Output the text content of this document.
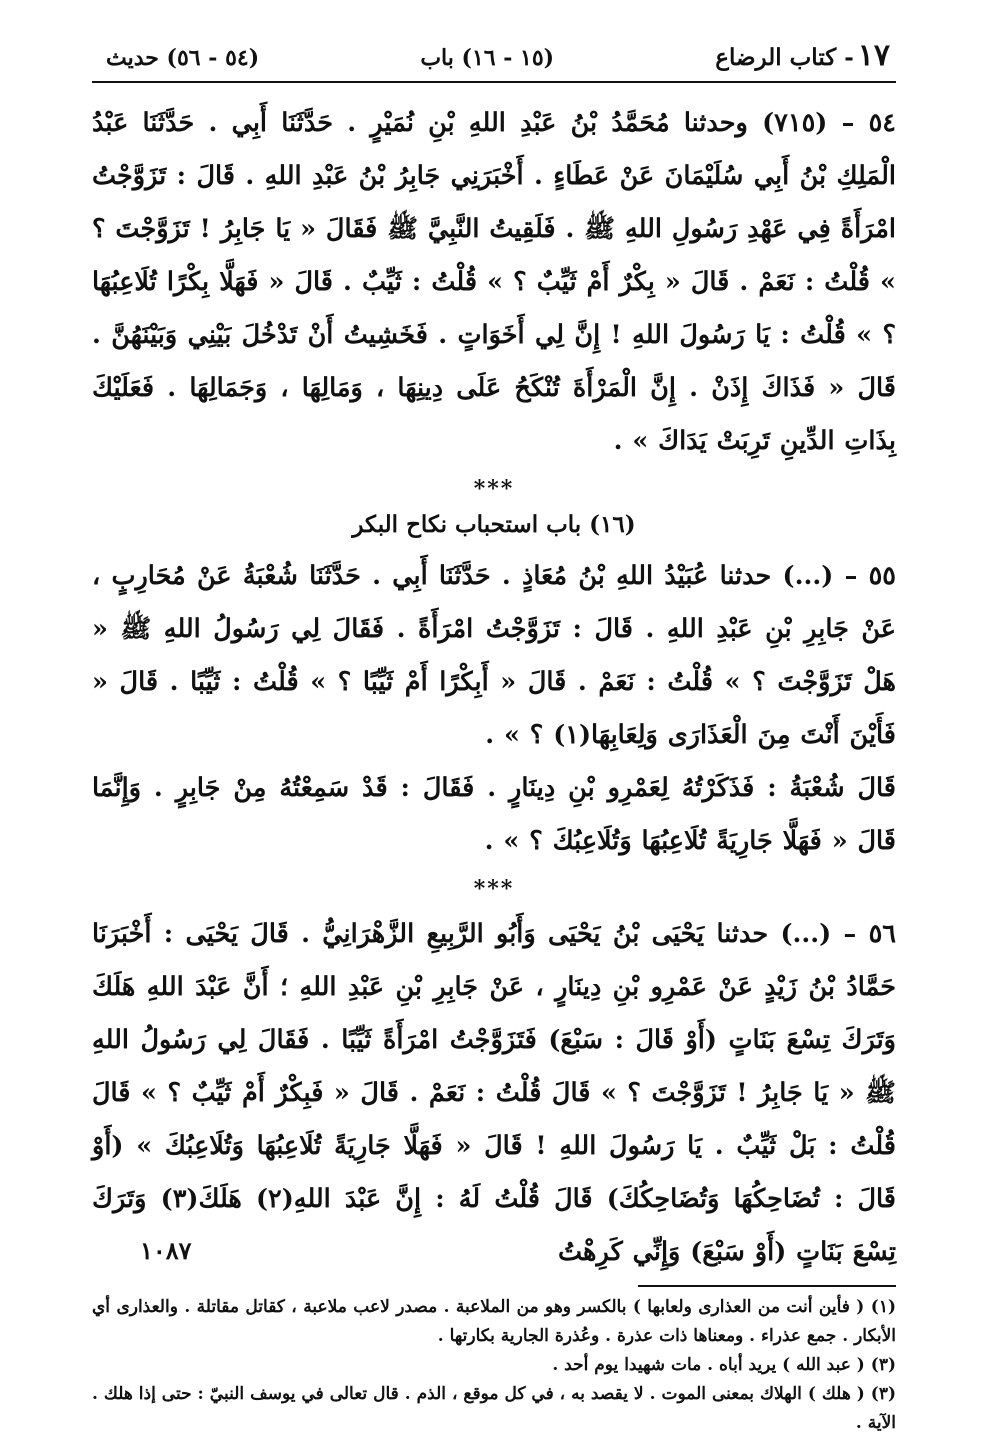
١٧- كتاب الرضاع
(١٥ - ١٦) باب
(٥٤ - ٥٦) حديث

٥٤ – (٧١٥) وحدثنا مُحَمَّدُ بْنُ عَبْدِ اللهِ بْنِ نُمَيْرٍ . حَدَّثَنَا أَبِي . حَدَّثَنَا عَبْدُ الْمَلِكِ بْنُ أَبِي سُلَيْمَانَ عَنْ عَطَاءٍ . أَخْبَرَنِي جَابِرُ بْنُ عَبْدِ اللهِ . قَالَ : تَزَوَّجْتُ امْرَأَةً فِي عَهْدِ رَسُولِ اللهِ ﷺ . فَلَقِيتُ النَّبِيَّ ﷺ فَقَالَ « يَا جَابِرُ ! تَزَوَّجْتَ ؟ » قُلْتُ : نَعَمْ . قَالَ « بِكْرٌ أَمْ ثَيِّبٌ ؟ » قُلْتُ : ثَيِّبٌ . قَالَ « فَهَلَّا بِكْرًا تُلَاعِبُهَا ؟ » قُلْتُ : يَا رَسُولَ اللهِ ! إِنَّ لِي أَخَوَاتٍ . فَخَشِيتُ أَنْ تَدْخُلَ بَيْنِي وَبَيْنَهُنَّ . قَالَ « فَذَاكَ إِذَنْ . إِنَّ الْمَرْأَةَ تُنْكَحُ عَلَى دِينِهَا ، وَمَالِهَا ، وَجَمَالِهَا . فَعَلَيْكَ بِذَاتِ الدِّينِ تَرِبَتْ يَدَاكَ » .

***
(١٦) باب استحباب نكاح البكر

٥٥ – (...) حدثنا عُبَيْدُ اللهِ بْنُ مُعَاذٍ . حَدَّثَنَا أَبِي . حَدَّثَنَا شُعْبَةُ عَنْ مُحَارِبٍ ، عَنْ جَابِرِ بْنِ عَبْدِ اللهِ . قَالَ : تَزَوَّجْتُ امْرَأَةً . فَقَالَ لِي رَسُولُ اللهِ ﷺ « هَلْ تَزَوَّجْتَ ؟ » قُلْتُ : نَعَمْ . قَالَ « أَبِكْرًا أَمْ ثَيِّبًا ؟ » قُلْتُ : ثَيِّبًا . قَالَ « فَأَيْنَ أَنْتَ مِنَ الْعَذَارَى وَلِعَابِهَا(١) ؟ » .

قَالَ شُعْبَةُ : فَذَكَرْتُهُ لِعَمْرِو بْنِ دِينَارٍ . فَقَالَ : قَدْ سَمِعْتُهُ مِنْ جَابِرٍ . وَإِنَّمَا قَالَ « فَهَلَّا جَارِيَةً تُلَاعِبُهَا وَتُلَاعِبُكَ ؟ » .

***

٥٦ – (...) حدثنا يَحْيَى بْنُ يَحْيَى وَأَبُو الرَّبِيعِ الزَّهْرَانِيُّ . قَالَ يَحْيَى : أَخْبَرَنَا حَمَّادُ بْنُ زَيْدٍ عَنْ عَمْرِو بْنِ دِينَارٍ ، عَنْ جَابِرِ بْنِ عَبْدِ اللهِ ؛ أَنَّ عَبْدَ اللهِ هَلَكَ وَتَرَكَ تِسْعَ بَنَاتٍ (أَوْ قَالَ : سَبْعَ) فَتَزَوَّجْتُ امْرَأَةً ثَيِّبًا . فَقَالَ لِي رَسُولُ اللهِ ﷺ « يَا جَابِرُ ! تَزَوَّجْتَ ؟ » قَالَ قُلْتُ : نَعَمْ . قَالَ « فَبِكْرٌ أَمْ ثَيِّبٌ ؟ » قَالَ قُلْتُ : بَلْ ثَيِّبٌ . يَا رَسُولَ اللهِ ! قَالَ « فَهَلَّا جَارِيَةً تُلَاعِبُهَا وَتُلَاعِبُكَ » (أَوْ قَالَ : تُضَاحِكُهَا وَتُضَاحِكُكَ) قَالَ قُلْتُ لَهُ : إِنَّ عَبْدَ اللهِ(٢) هَلَكَ(٣) وَتَرَكَ تِسْعَ بَنَاتٍ (أَوْ سَبْعَ) وَإِنِّي كَرِهْتُ

(١) ( فأين أنت من العذارى ولعابها ) بالكسر وهو من الملاعبة . مصدر لاعب ملاعبة ، كقاتل مقاتلة . والعذارى أي الأبكار . جمع عذراء . ومعناها ذات عذرة . وعُذرة الجارية بكارتها .

(٣) ( عبد الله ) يريد أباه . مات شهيدا يوم أحد .

(٣) ( هلك ) الهلاك بمعنى الموت . لا يقصد به ، في كل موقع ، الذم . قال تعالى في يوسف النبيّ : حتى إذا هلك . الآية .

١٠٨٧
